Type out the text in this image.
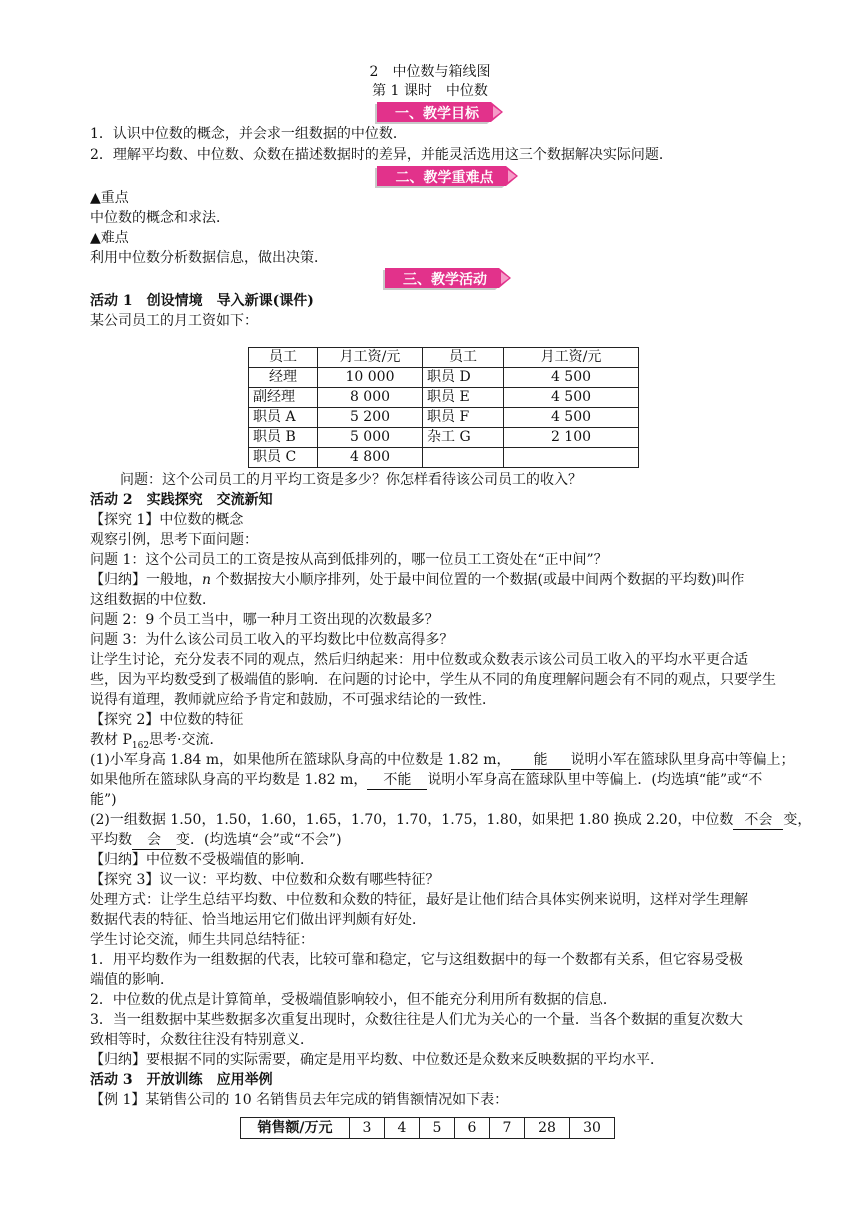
2　中位数与箱线图
第 1 课时　中位数
一、教学目标
1．认识中位数的概念，并会求一组数据的中位数．
2．理解平均数、中位数、众数在描述数据时的差异，并能灵活选用这三个数据解决实际问题．
二、教学重难点
▲重点
中位数的概念和求法．
▲难点
利用中位数分析数据信息，做出决策．
三、教学活动
活动 1　创设情境　导入新课(课件)
某公司员工的月工资如下：
员工	月工资/元	员工	月工资/元
经理	10 000	职员 D	4 500
副经理	8 000	职员 E	4 500
职员 A	5 200	职员 F	4 500
职员 B	5 000	杂工 G	2 100
职员 C	4 800		
问题：这个公司员工的月平均工资是多少？你怎样看待该公司员工的收入？
活动 2　实践探究　交流新知
【探究 1】中位数的概念
观察引例，思考下面问题：
问题 1：这个公司员工的工资是按从高到低排列的，哪一位员工工资处在“正中间”？
【归纳】一般地，n 个数据按大小顺序排列，处于最中间位置的一个数据(或最中间两个数据的平均数)叫作
这组数据的中位数．
问题 2：9 个员工当中，哪一种月工资出现的次数最多？
问题 3：为什么该公司员工收入的平均数比中位数高得多？
让学生讨论，充分发表不同的观点，然后归纳起来：用中位数或众数表示该公司员工收入的平均水平更合适
些，因为平均数受到了极端值的影响．在问题的讨论中，学生从不同的角度理解问题会有不同的观点，只要学生
说得有道理，教师就应给予肯定和鼓励，不可强求结论的一致性．
【探究 2】中位数的特征
教材 $P_{162}$思考·交流．
(1)小军身高 1.84 m，如果他所在篮球队身高的中位数是 1.82 m， 能 说明小军在篮球队里身高中等偏上；
如果他所在篮球队身高的平均数是 1.82 m， 不能 说明小军身高在篮球队里中等偏上．(均选填“能”或“不
能”)
(2)一组数据 1.50，1.50，1.60，1.65，1.70，1.70，1.75，1.80，如果把 1.80 换成 2.20，中位数 不会 变，
平均数 会 变．(均选填“会”或“不会”)
【归纳】中位数不受极端值的影响．
【探究 3】议一议：平均数、中位数和众数有哪些特征？
处理方式：让学生总结平均数、中位数和众数的特征，最好是让他们结合具体实例来说明，这样对学生理解
数据代表的特征、恰当地运用它们做出评判颇有好处．
学生讨论交流，师生共同总结特征：
1．用平均数作为一组数据的代表，比较可靠和稳定，它与这组数据中的每一个数都有关系，但它容易受极
端值的影响．
2．中位数的优点是计算简单，受极端值影响较小，但不能充分利用所有数据的信息．
3．当一组数据中某些数据多次重复出现时，众数往往是人们尤为关心的一个量．当各个数据的重复次数大
致相等时，众数往往没有特别意义．
【归纳】要根据不同的实际需要，确定是用平均数、中位数还是众数来反映数据的平均水平．
活动 3　开放训练　应用举例
【例 1】某销售公司的 10 名销售员去年完成的销售额情况如下表：
销售额/万元	3	4	5	6	7	28	30
